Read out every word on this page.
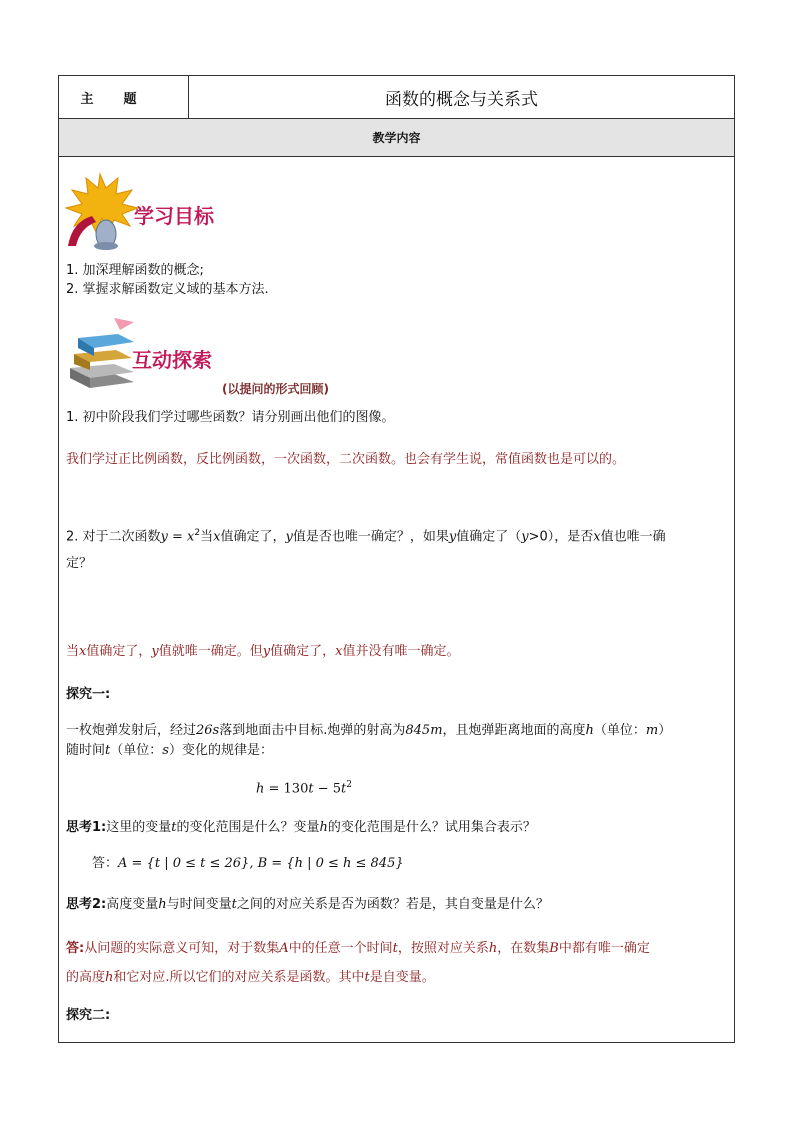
主题	函数的概念与关系式
教学内容
学习目标
1. 加深理解函数的概念;
2. 掌握求解函数定义域的基本方法.
互动探索
(以提问的形式回顾)
1. 初中阶段我们学过哪些函数？请分别画出他们的图像。
我们学过正比例函数，反比例函数，一次函数，二次函数。也会有学生说，常值函数也是可以的。
2. 对于二次函数$y = x^2$当x值确定了，y值是否也唯一确定？，如果y值确定了（y>0），是否x值也唯一确
定？
当x值确定了，y值就唯一确定。但y值确定了，x值并没有唯一确定。
探究一:
一枚炮弹发射后，经过26s落到地面击中目标.炮弹的射高为845m，且炮弹距离地面的高度h（单位：m）
随时间t（单位：s）变化的规律是：
$h = 130t - 5t^2$
思考1:这里的变量t的变化范围是什么？变量h的变化范围是什么？试用集合表示？
答：A = {t | 0 ≤ t ≤ 26}, B = {h | 0 ≤ h ≤ 845}
思考2:高度变量h与时间变量t之间的对应关系是否为函数？若是，其自变量是什么？
答:从问题的实际意义可知，对于数集A中的任意一个时间t，按照对应关系h，在数集B中都有唯一确定
的高度h和它对应.所以它们的对应关系是函数。其中t是自变量。
探究二:
